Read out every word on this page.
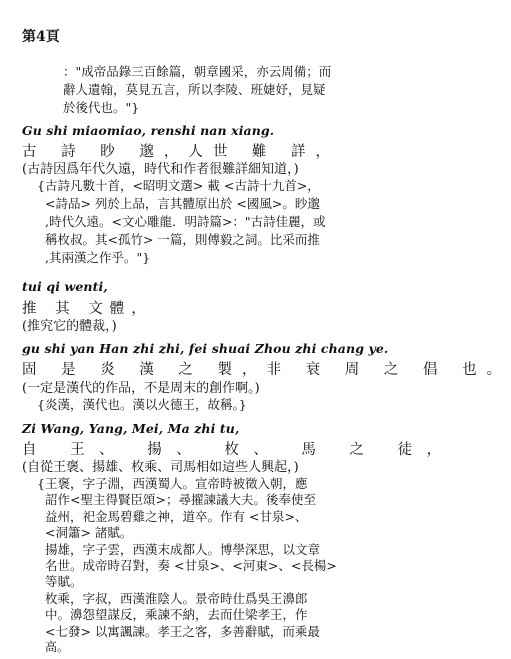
第4頁
："成帝品錄三百餘篇，朝章國采，亦云周備；而
辭人遺翰，莫見五言，所以李陵、班婕妤，見疑
於後代也。"}
Gu shi miaomiao, renshi nan xiang.
古 詩 眇 邈，人世 難 詳，
(古詩因爲年代久遠，時代和作者很難詳細知道，)
{古詩凡數十首，<昭明文選> 載 <古詩十九首>，
<詩品> 列於上品，言其體原出於 <國風>。眇邈
,時代久遠。<文心雕龍．明詩篇>："古詩佳麗，或
稱枚叔。其<孤竹> 一篇，則傅毅之詞。比采而推
,其兩漢之作乎。"}
tui qi wenti,
推 其 文體，
(推究它的體裁，)
gu shi yan Han zhi zhi, fei shuai Zhou zhi chang ye.
固 是 炎 漢 之 製，非 衰 周 之 倡 也。
(一定是漢代的作品，不是周末的創作啊。)
{炎漢，漢代也。漢以火德王，故稱。}
Zi Wang, Yang, Mei, Ma zhi tu,
自 王、 揚、 枚、 馬 之 徒，
(自從王褒、揚雄、枚乘、司馬相如這些人興起，)
{王褒，字子淵，西漢蜀人。宣帝時被徵入朝，應
詔作<聖主得賢臣頌>；尋擢諫議大夫。後奉使至
益州，祀金馬碧雞之神，道卒。作有 <甘泉>、
<洞簫> 諸賦。
揚雄，字子雲，西漢末成都人。博學深思，以文章
名世。成帝時召對，奏 <甘泉>、<河東>、<長楊>
等賦。
枚乘，字叔，西漢淮陰人。景帝時仕爲吳王濞郎
中。濞怨望謀反，乘諫不納，去而仕梁孝王，作
<七發> 以寓諷諫。孝王之客，多善辭賦，而乘最
高。
